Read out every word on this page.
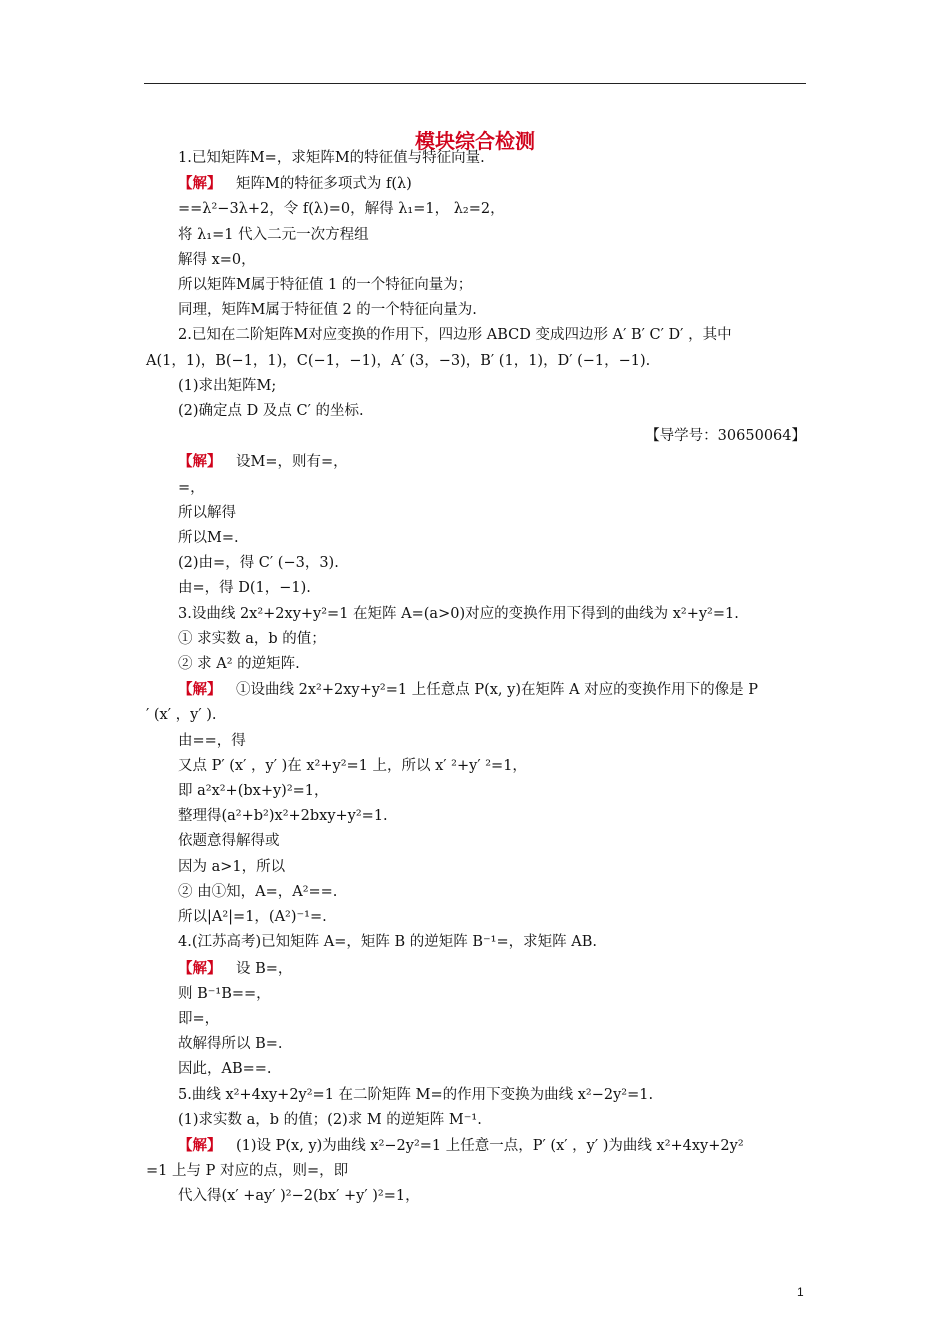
模块综合检测
1.已知矩阵M=，求矩阵M的特征值与特征向量.
【解】  矩阵M的特征多项式为 f(λ)
==λ²−3λ+2，令 f(λ)=0，解得 λ₁=1， λ₂=2，
将 λ₁=1 代入二元一次方程组
解得 x=0，
所以矩阵M属于特征值 1 的一个特征向量为；
同理，矩阵M属于特征值 2 的一个特征向量为.
2.已知在二阶矩阵M对应变换的作用下，四边形 ABCD 变成四边形 A′ B′ C′ D′ ，其中
A(1，1)，B(−1，1)，C(−1，−1)，A′ (3，−3)，B′ (1，1)，D′ (−1，−1).
(1)求出矩阵M;
(2)确定点 D 及点 C′ 的坐标.
【导学号：30650064】
【解】  设M=，则有=，
=，
所以解得
所以M=.
(2)由=，得 C′ (−3，3).
由=，得 D(1，−1).
3.设曲线 2x²+2xy+y²=1 在矩阵 A=(a>0)对应的变换作用下得到的曲线为 x²+y²=1.
① 求实数 a，b 的值；
② 求 A² 的逆矩阵.
【解】  ①设曲线 2x²+2xy+y²=1 上任意点 P(x, y)在矩阵 A 对应的变换作用下的像是 P
′ (x′ ，y′ ).
由==，得
又点 P′ (x′ ，y′ )在 x²+y²=1 上，所以 x′ ²+y′ ²=1，
即 a²x²+(bx+y)²=1，
整理得(a²+b²)x²+2bxy+y²=1.
依题意得解得或
因为 a>1，所以
② 由①知，A=，A²==.
所以|A²|=1，(A²)⁻¹=.
4.(江苏高考)已知矩阵 A=，矩阵 B 的逆矩阵 B⁻¹=，求矩阵 AB.
【解】  设 B=，
则 B⁻¹B==，
即=，
故解得所以 B=.
因此，AB==.
5.曲线 x²+4xy+2y²=1 在二阶矩阵 M=的作用下变换为曲线 x²−2y²=1.
(1)求实数 a，b 的值；(2)求 M 的逆矩阵 M⁻¹.
【解】  (1)设 P(x, y)为曲线 x²−2y²=1 上任意一点，P′ (x′ ，y′ )为曲线 x²+4xy+2y²
=1 上与 P 对应的点，则=，即
代入得(x′ +ay′ )²−2(bx′ +y′ )²=1，
1
